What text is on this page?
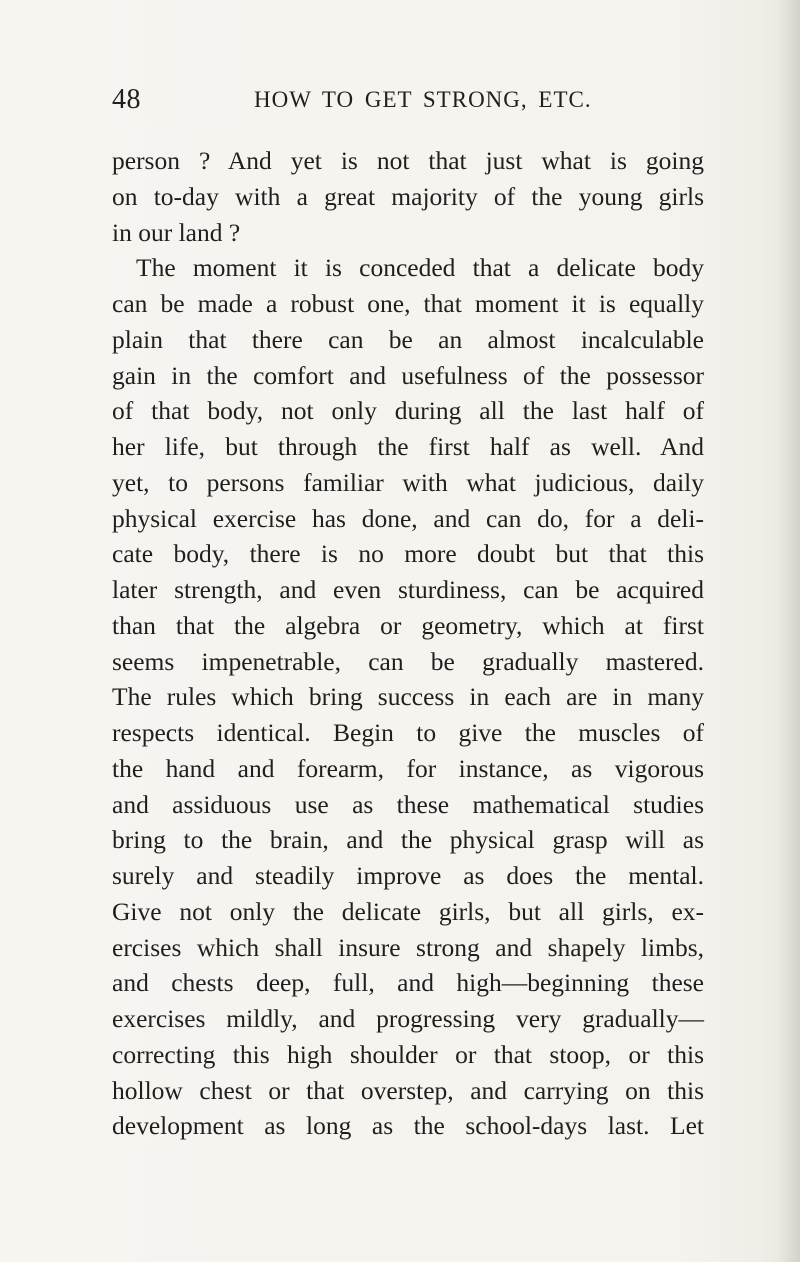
48	HOW TO GET STRONG, ETC.
person ? And yet is not that just what is going
on to-day with a great majority of the young girls
in our land ?
The moment it is conceded that a delicate body
can be made a robust one, that moment it is equally
plain that there can be an almost incalculable
gain in the comfort and usefulness of the possessor
of that body, not only during all the last half of
her life, but through the first half as well. And
yet, to persons familiar with what judicious, daily
physical exercise has done, and can do, for a deli-
cate body, there is no more doubt but that this
later strength, and even sturdiness, can be acquired
than that the algebra or geometry, which at first
seems impenetrable, can be gradually mastered.
The rules which bring success in each are in many
respects identical. Begin to give the muscles of
the hand and forearm, for instance, as vigorous
and assiduous use as these mathematical studies
bring to the brain, and the physical grasp will as
surely and steadily improve as does the mental.
Give not only the delicate girls, but all girls, ex-
ercises which shall insure strong and shapely limbs,
and chests deep, full, and high—beginning these
exercises mildly, and progressing very gradually—
correcting this high shoulder or that stoop, or this
hollow chest or that overstep, and carrying on this
development as long as the school-days last. Let
